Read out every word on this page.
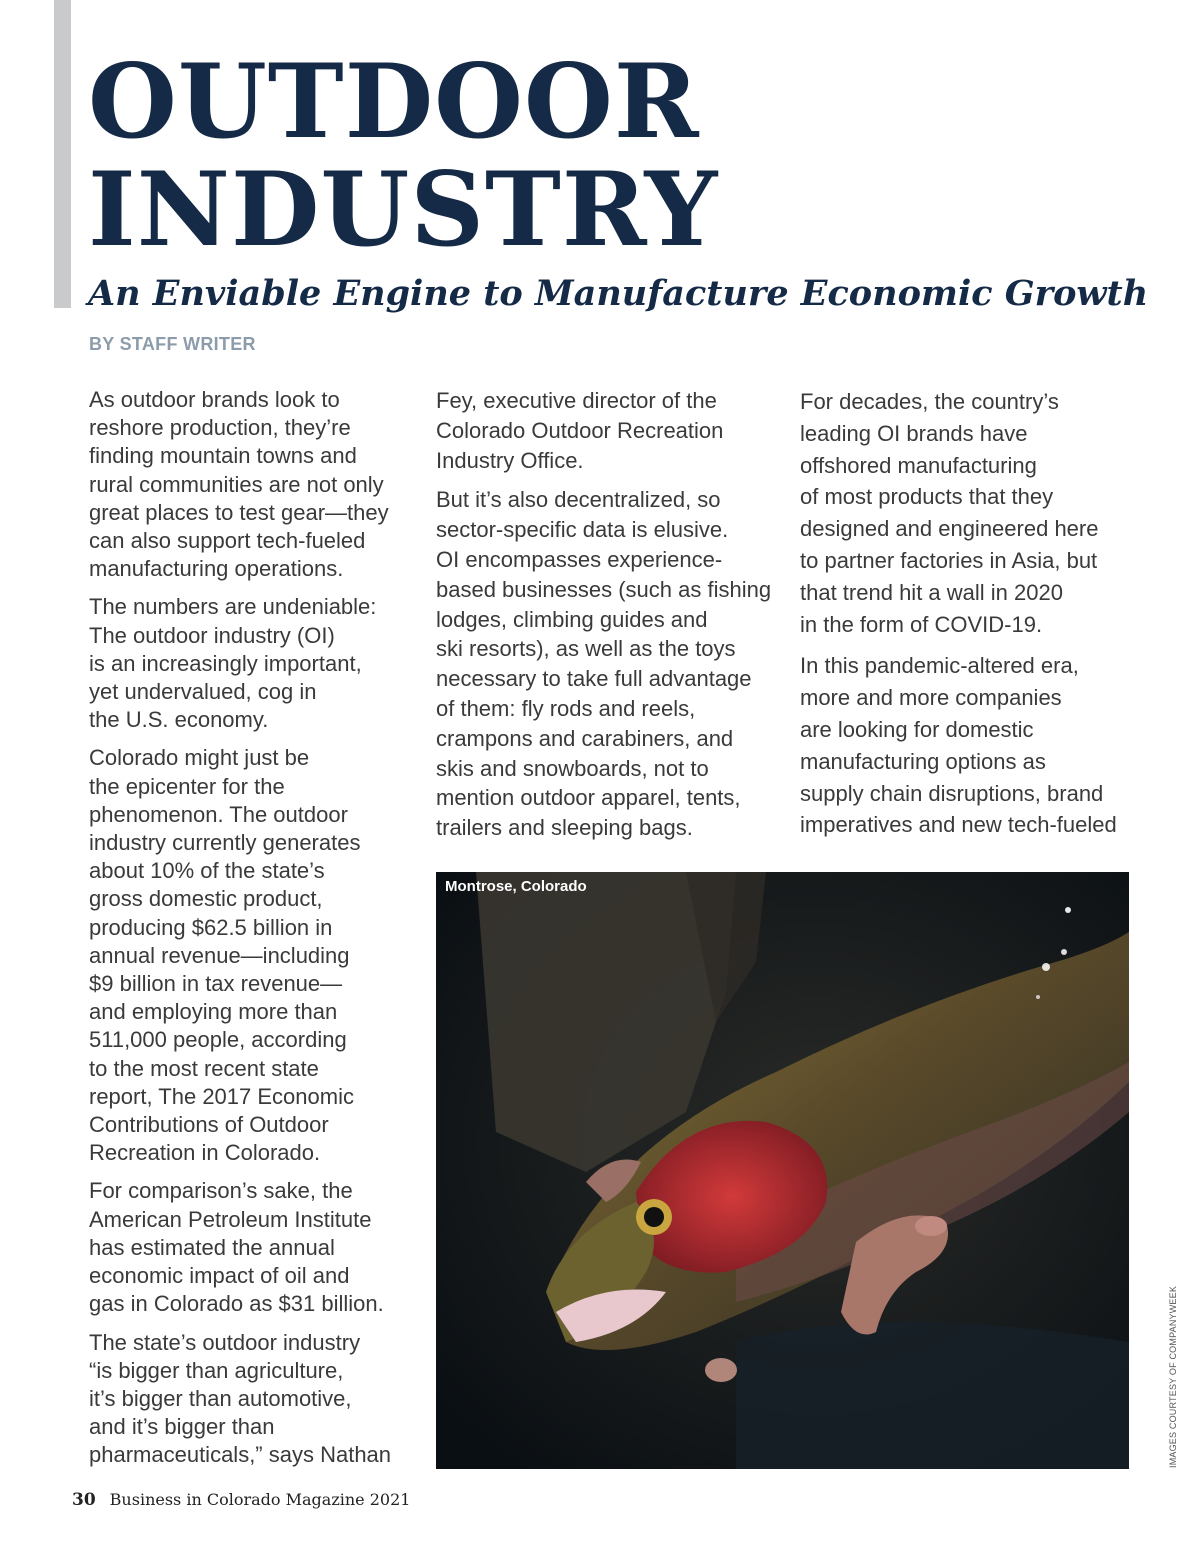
OUTDOOR
INDUSTRY
An Enviable Engine to Manufacture Economic Growth
BY STAFF WRITER

As outdoor brands look to
reshore production, they’re
finding mountain towns and
rural communities are not only
great places to test gear—they
can also support tech-fueled
manufacturing operations.

The numbers are undeniable:
The outdoor industry (OI)
is an increasingly important,
yet undervalued, cog in
the U.S. economy.

Colorado might just be
the epicenter for the
phenomenon. The outdoor
industry currently generates
about 10% of the state’s
gross domestic product,
producing $62.5 billion in
annual revenue—including
$9 billion in tax revenue—
and employing more than
511,000 people, according
to the most recent state
report, The 2017 Economic
Contributions of Outdoor
Recreation in Colorado.

For comparison’s sake, the
American Petroleum Institute
has estimated the annual
economic impact of oil and
gas in Colorado as $31 billion.

The state’s outdoor industry
“is bigger than agriculture,
it’s bigger than automotive,
and it’s bigger than
pharmaceuticals,” says Nathan

Fey, executive director of the
Colorado Outdoor Recreation
Industry Office.

But it’s also decentralized, so
sector-specific data is elusive.
OI encompasses experience-
based businesses (such as fishing
lodges, climbing guides and
ski resorts), as well as the toys
necessary to take full advantage
of them: fly rods and reels,
crampons and carabiners, and
skis and snowboards, not to
mention outdoor apparel, tents,
trailers and sleeping bags.

For decades, the country’s
leading OI brands have
offshored manufacturing
of most products that they
designed and engineered here
to partner factories in Asia, but
that trend hit a wall in 2020
in the form of COVID-19.

In this pandemic-altered era,
more and more companies
are looking for domestic
manufacturing options as
supply chain disruptions, brand
imperatives and new tech-fueled

Montrose, Colorado
IMAGES COURTESY OF COMPANYWEEK
30 Business in Colorado Magazine 2021
